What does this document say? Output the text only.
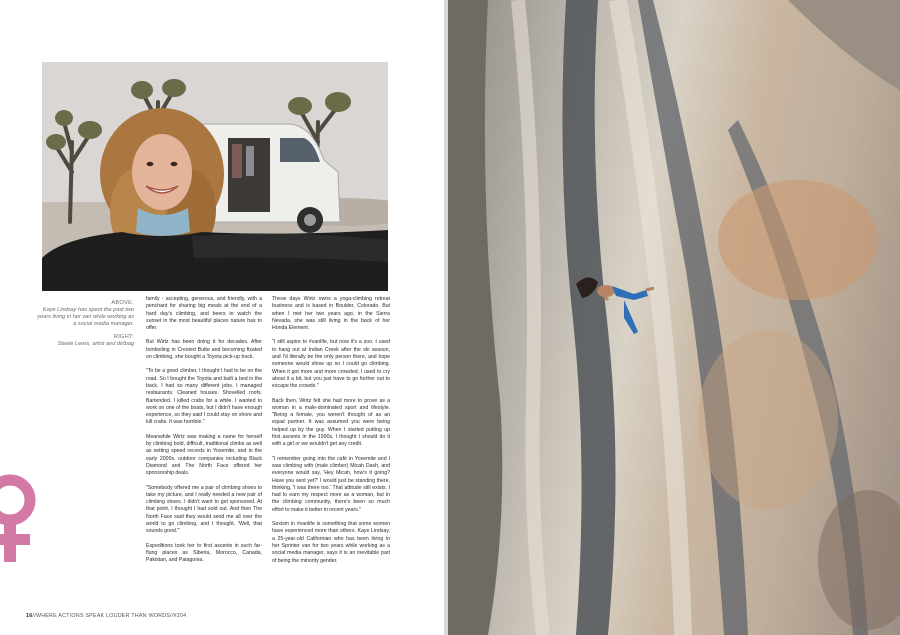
ABOVE:
Kaye Lindsay has spent the past two years living in her van while working as a social media manager.

RIGHT:
Steele Lewis, artist and dirtbag

family - accepting, generous, and friendly, with a penchant for sharing big meals at the end of a hard day's climbing, and beers to watch the sunset in the most beautiful places nature has to offer.

But Wirtz has been doing it for decades. After tomboiling in Crested Butte and becoming fixated on climbing, she bought a Toyota pick-up truck.

"To be a good climber, I thought I had to be on the road. So I bought the Toyota and built a bed in the back. I had so many different jobs. I managed restaurants. Cleaned houses. Shovelled roofs. Bartended. I killed crabs for a while. I wanted to work on one of the boats, but I didn't have enough experience, so they said I could stay on shore and kill crabs. It was horrible."

Meanwhile Wirtz was making a name for herself by climbing bold, difficult, traditional climbs as well as setting speed records in Yosemite, and in the early 2000s, outdoor companies including Black Diamond and The North Face offered her sponsorship deals.

"Somebody offered me a pair of climbing shoes to take my picture, and I really needed a new pair of climbing shoes. I didn't want to get sponsored. At that point, I thought I had sold out. And then The North Face said they would send me all over the world to go climbing, and I thought, 'Well, that sounds good.'"

Expeditions took her to first ascents in such far-flung places as Siberia, Morocco, Canada, Pakistan, and Patagonia.

These days Wirtz owns a yoga-climbing retreat business and is based in Boulder, Colorado. But when I met her two years ago, in the Sierra Nevada, she was still living in the back of her Honda Element.

"I still aspire to #vanlife, but now it's a zoo. I used to hang out at Indian Creek after the ski season, and I'd literally be the only person there, and hope someone would show up so I could go climbing. When it got more and more crowded, I used to cry about it a bit, but you just have to go further out to escape the crowds."

Back then, Wirtz felt she had more to prove as a woman in a male-dominated sport and lifestyle. "Being a female, you weren't thought of as an equal partner. It was assumed you were being helped up by the guy. When I started putting up first ascents in the 1990s, I thought I should do it with a girl or we wouldn't get any credit.

"I remember going into the café in Yosemite and I was climbing with (male climber) Micah Dash, and everyone would say, 'Hey Micah, how's it going? Have you sent yet?' I would just be standing there, thinking, 'I was there too.' That attitude still exists. I had to earn my respect more as a woman, but in the climbing community, there's been so much effort to make it better in recent years."

Sexism in #vanlife is something that some women have experienced more than others. Kaye Lindsay, a 25-year-old Californian who has been living in her Sprinter van for two years while working as a social media manager, says it is an inevitable part of being the minority gender.

16//WHERE ACTIONS SPEAK LOUDER THAN WORDS//#204
